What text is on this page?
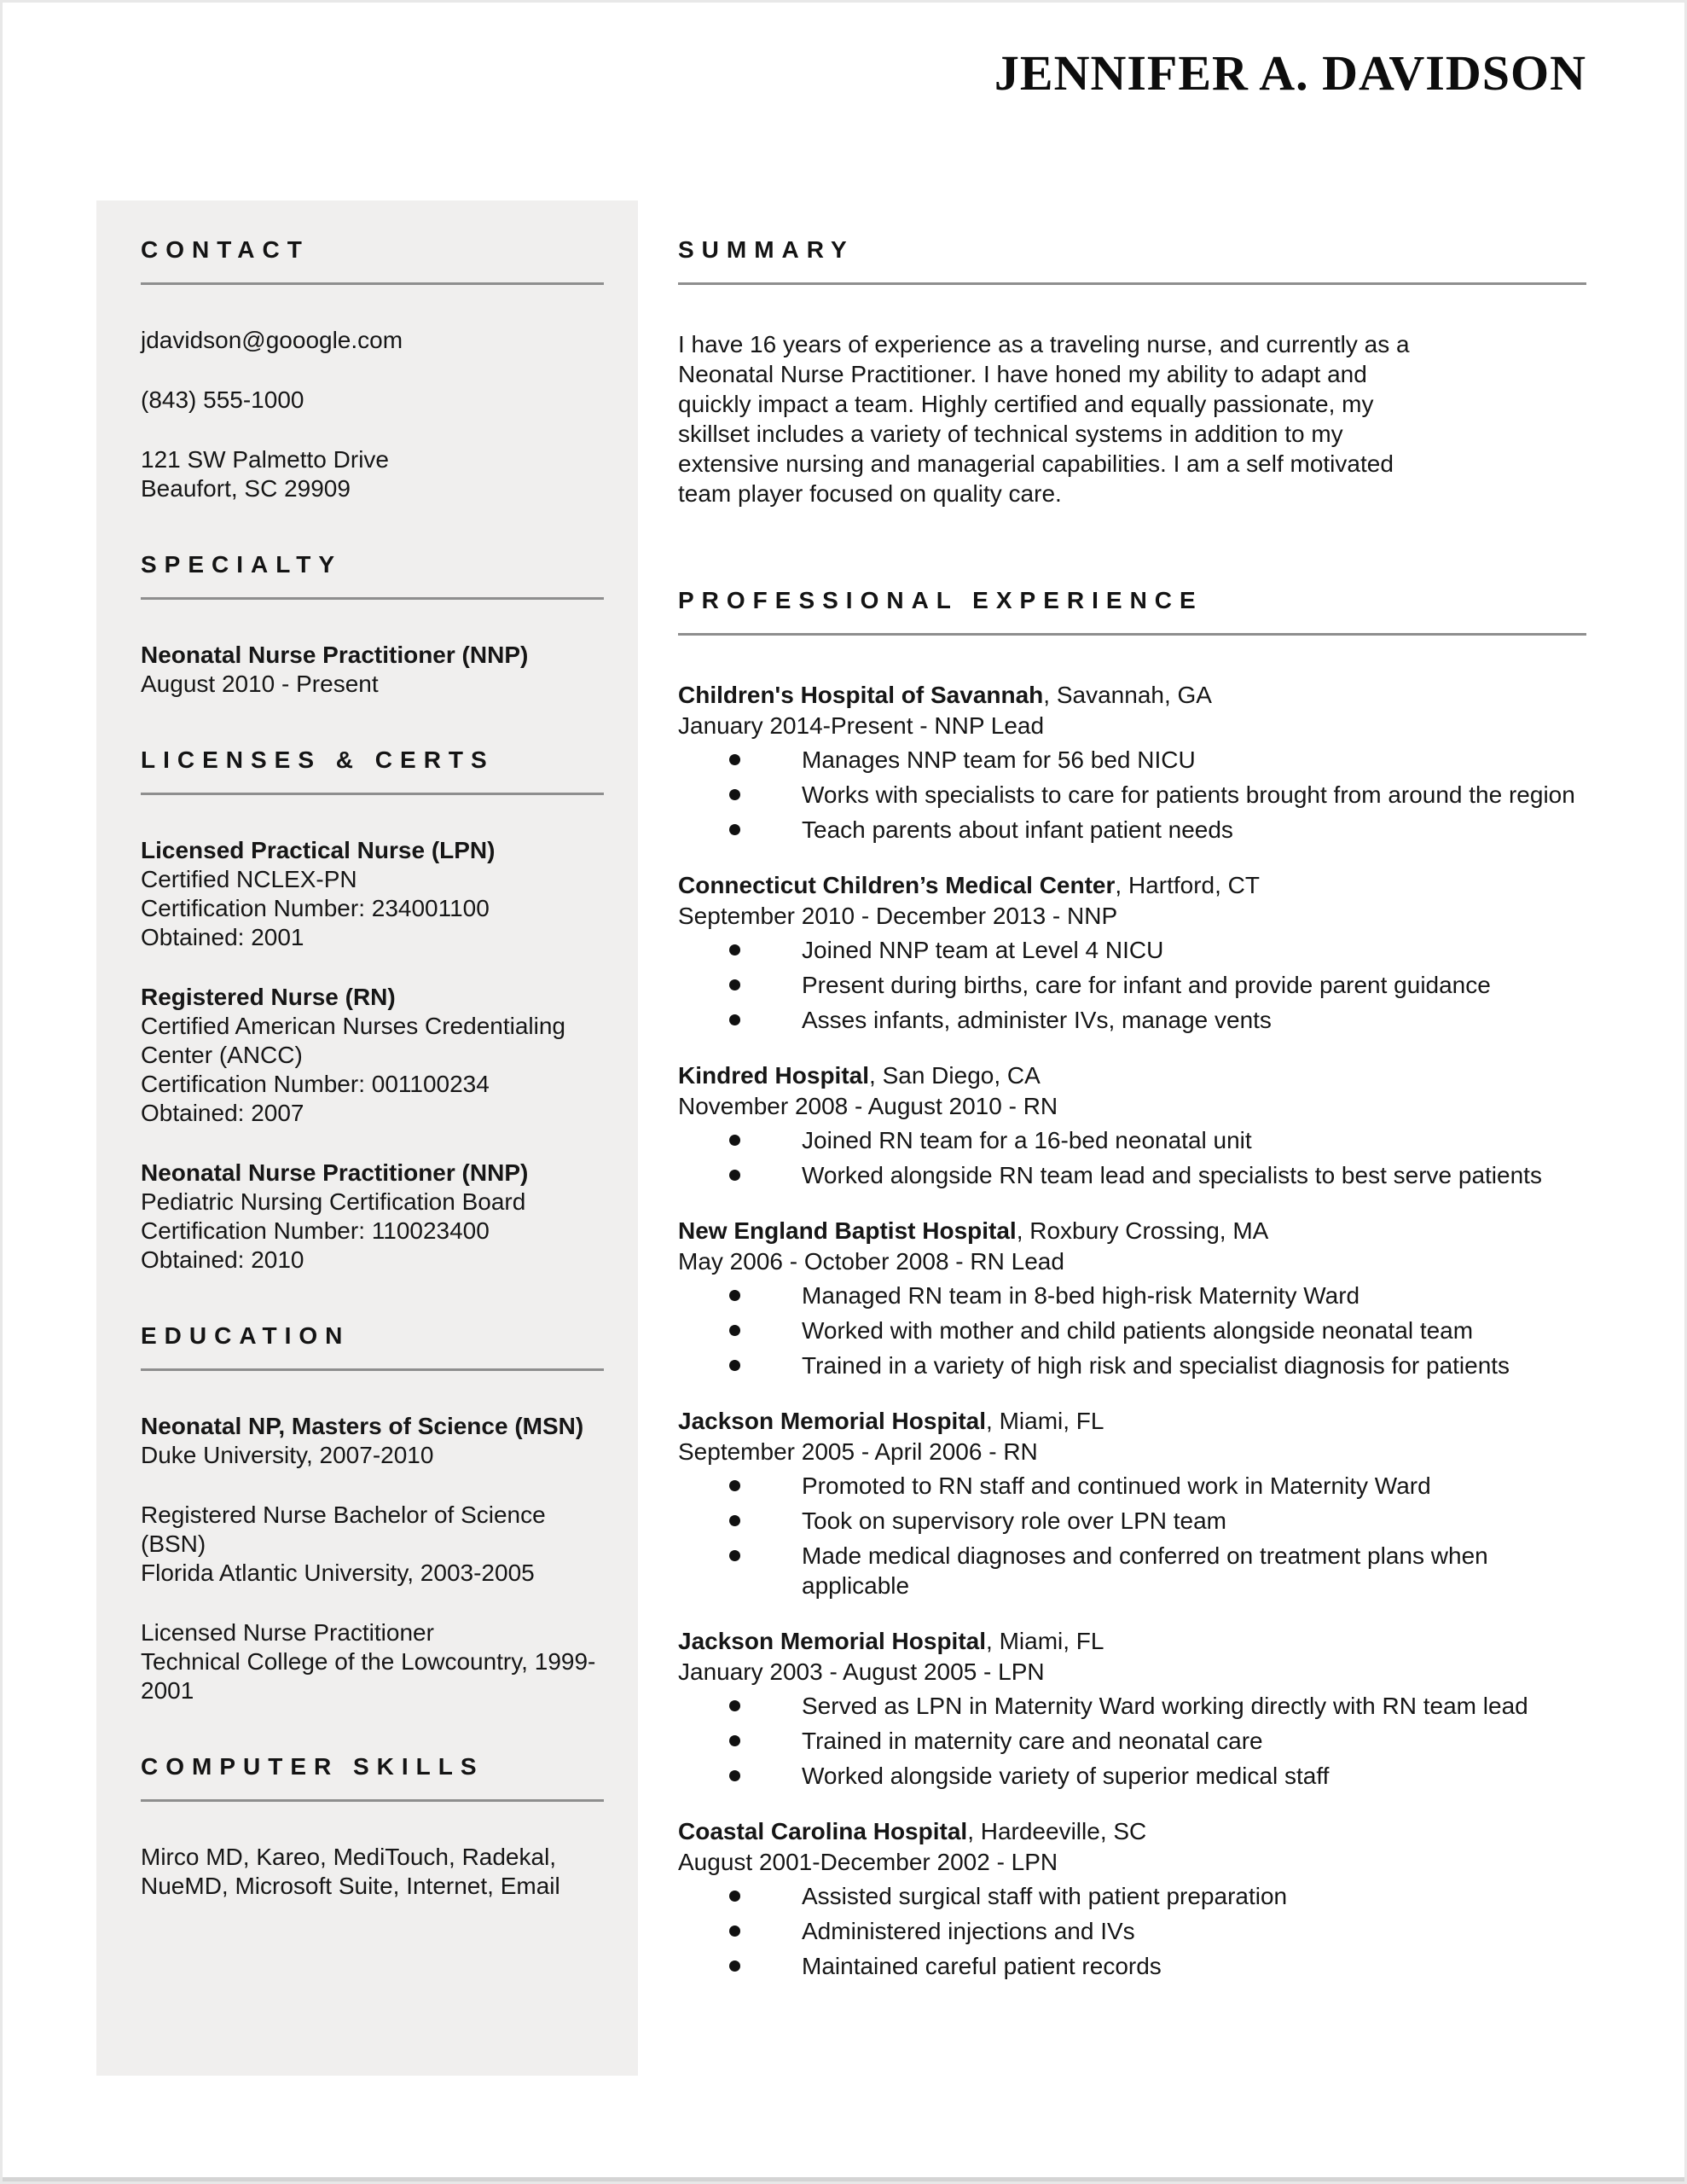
JENNIFER A. DAVIDSON
CONTACT
jdavidson@gooogle.com
(843) 555-1000
121 SW Palmetto Drive
Beaufort, SC 29909
SPECIALTY
Neonatal Nurse Practitioner (NNP)
August 2010 - Present
LICENSES & CERTS
Licensed Practical Nurse (LPN)
Certified NCLEX-PN
Certification Number: 234001100
Obtained: 2001
Registered Nurse (RN)
Certified American Nurses Credentialing Center (ANCC)
Certification Number: 001100234
Obtained: 2007
Neonatal Nurse Practitioner (NNP)
Pediatric Nursing Certification Board
Certification Number: 110023400
Obtained: 2010
EDUCATION
Neonatal NP, Masters of Science (MSN)
Duke University, 2007-2010
Registered Nurse Bachelor of Science (BSN)
Florida Atlantic University, 2003-2005
Licensed Nurse Practitioner
Technical College of the Lowcountry, 1999-2001
COMPUTER SKILLS
Mirco MD, Kareo, MediTouch, Radekal, NueMD, Microsoft Suite, Internet, Email
SUMMARY
I have 16 years of experience as a traveling nurse, and currently as a
Neonatal Nurse Practitioner. I have honed my ability to adapt and
quickly impact a team. Highly certified and equally passionate, my
skillset includes a variety of technical systems in addition to my
extensive nursing and managerial capabilities. I am a self motivated
team player focused on quality care.
PROFESSIONAL EXPERIENCE
Children's Hospital of Savannah, Savannah, GA
January 2014-Present - NNP Lead
Manages NNP team for 56 bed NICU
Works with specialists to care for patients brought from around the region
Teach parents about infant patient needs
Connecticut Children’s Medical Center, Hartford, CT
September 2010 - December 2013 - NNP
Joined NNP team at Level 4 NICU
Present during births, care for infant and provide parent guidance
Asses infants, administer IVs, manage vents
Kindred Hospital, San Diego, CA
November 2008 - August 2010 - RN
Joined RN team for a 16-bed neonatal unit
Worked alongside RN team lead and specialists to best serve patients
New England Baptist Hospital, Roxbury Crossing, MA
May 2006 - October 2008 - RN Lead
Managed RN team in 8-bed high-risk Maternity Ward
Worked with mother and child patients alongside neonatal team
Trained in a variety of high risk and specialist diagnosis for patients
Jackson Memorial Hospital, Miami, FL
September 2005 - April 2006 - RN
Promoted to RN staff and continued work in Maternity Ward
Took on supervisory role over LPN team
Made medical diagnoses and conferred on treatment plans when applicable
Jackson Memorial Hospital, Miami, FL
January 2003 - August 2005 - LPN
Served as LPN in Maternity Ward working directly with RN team lead
Trained in maternity care and neonatal care
Worked alongside variety of superior medical staff
Coastal Carolina Hospital, Hardeeville, SC
August 2001-December 2002 - LPN
Assisted surgical staff with patient preparation
Administered injections and IVs
Maintained careful patient records
